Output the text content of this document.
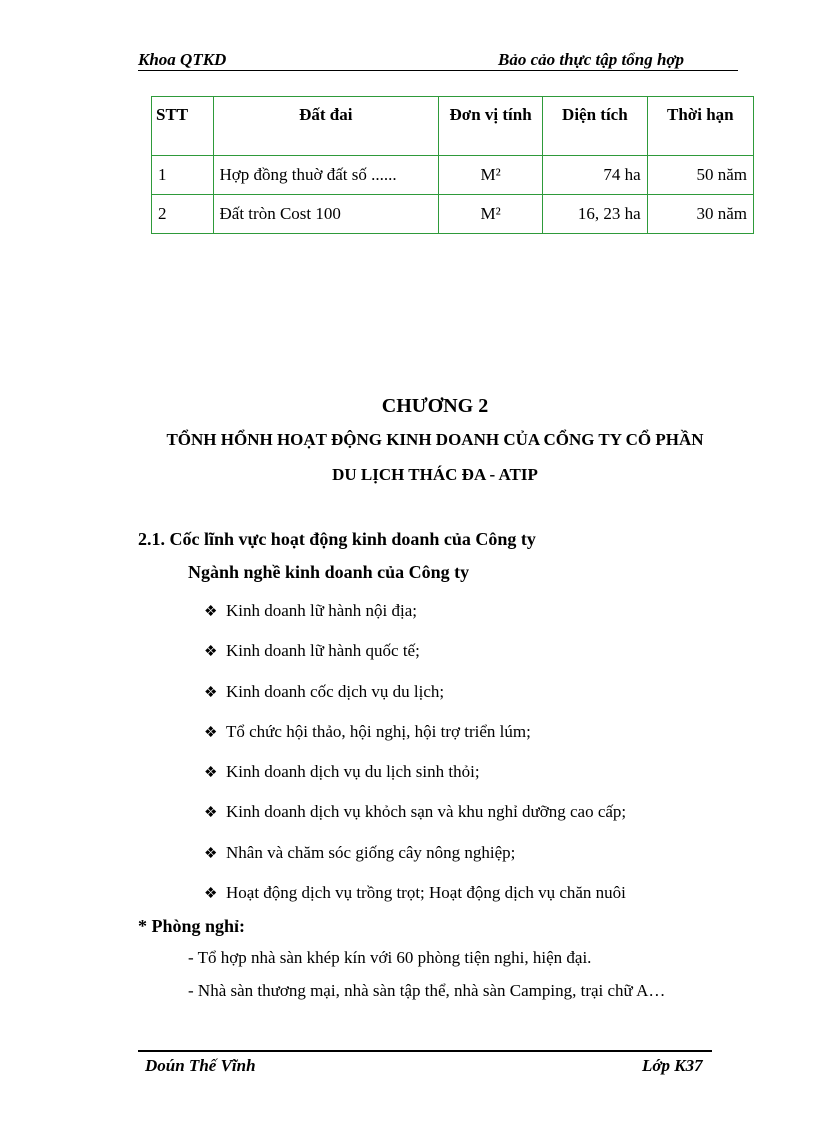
Khoa QTKD	Bảo cảo thực tập tổng hợp
STT	Đất đai	Đơn vị tính	Diện tích	Thời hạn
1	Hợp đồng thuờ đất số ......	M²	74 ha	50 năm
2	Đất tròn Cost 100	M²	16, 23 ha	30 năm
CHƯƠNG 2
TỔNH HỔNH HOẠT ĐỘNG KINH DOANH CỦA CỔNG TY CỔ PHẦN
DU LỊCH THÁC ĐA - ATIP
2.1. Cốc lĩnh vực hoạt động kinh doanh của Công ty
Ngành nghề kinh doanh của Công ty
❖ Kinh doanh lữ hành nội địa;
❖ Kinh doanh lữ hành quốc tế;
❖ Kinh doanh cốc dịch vụ du lịch;
❖ Tổ chức hội thảo, hội nghị, hội trợ triển lúm;
❖ Kinh doanh dịch vụ du lịch sinh thỏi;
❖ Kinh doanh dịch vụ khỏch sạn và khu nghỉ dưỡng cao cấp;
❖ Nhân và chăm sóc giống cây nông nghiệp;
❖ Hoạt động dịch vụ trồng trọt; Hoạt động dịch vụ chăn nuôi
* Phòng nghỉ:
- Tổ hợp nhà sàn khép kín với 60 phòng tiện nghi, hiện đại.
- Nhà sàn thương mại, nhà sàn tập thể, nhà sàn Camping, trại chữ A…
Doún Thế Vĩnh	Lớp K37
